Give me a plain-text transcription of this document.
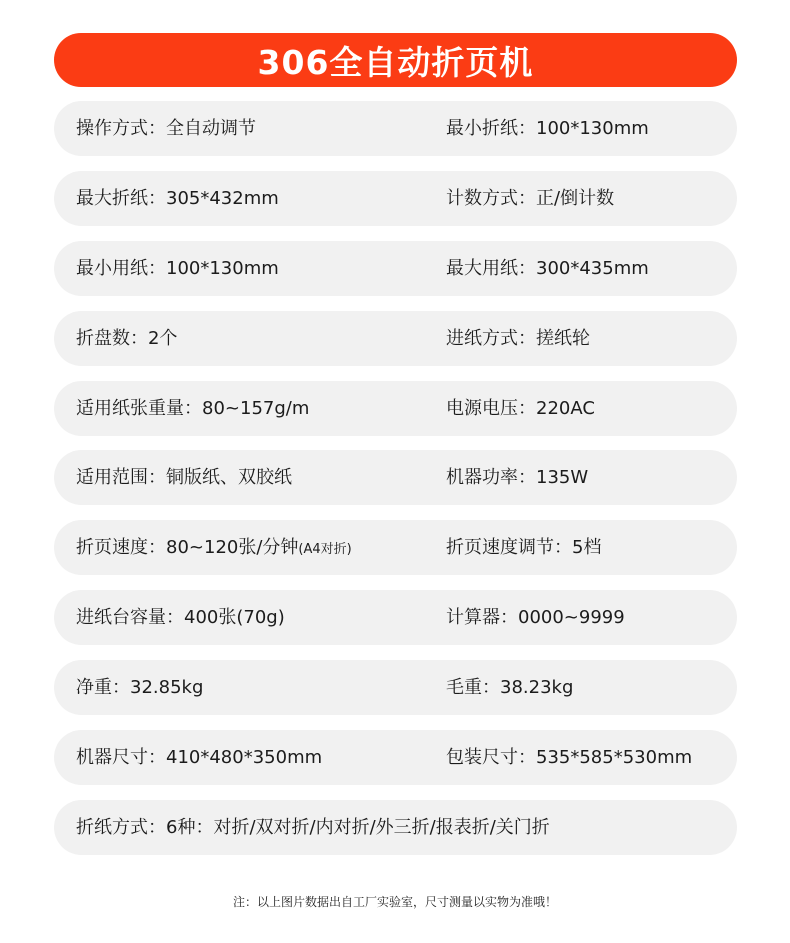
306全自动折页机
操作方式：全自动调节	最小折纸：100*130mm
最大折纸：305*432mm	计数方式：正/倒计数
最小用纸：100*130mm	最大用纸：300*435mm
折盘数：2个	进纸方式：搓纸轮
适用纸张重量：80~157g/m	电源电压：220AC
适用范围：铜版纸、双胶纸	机器功率：135W
折页速度：80~120张/分钟(A4对折)	折页速度调节：5档
进纸台容量：400张(70g)	计算器：0000~9999
净重：32.85kg	毛重：38.23kg
机器尺寸：410*480*350mm	包装尺寸：535*585*530mm
折纸方式：6种：对折/双对折/内对折/外三折/报表折/关门折
注：以上图片数据出自工厂实验室，尺寸测量以实物为准哦！
